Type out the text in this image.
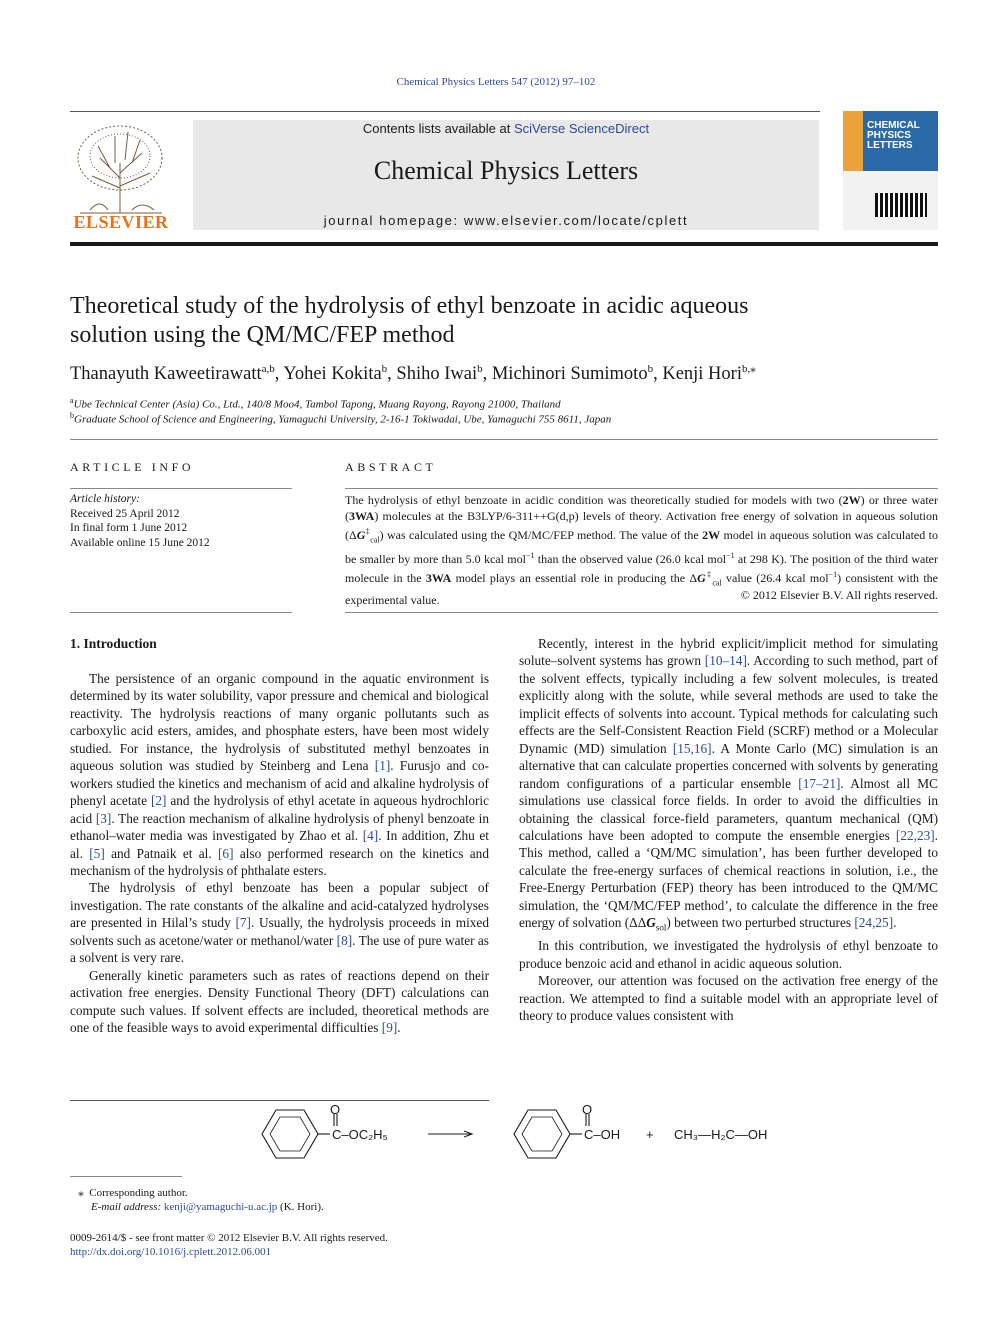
Chemical Physics Letters 547 (2012) 97–102
ELSEVIER
Contents lists available at SciVerse ScienceDirect
Chemical Physics Letters
journal homepage: www.elsevier.com/locate/cplett
CHEMICAL PHYSICS LETTERS
Theoretical study of the hydrolysis of ethyl benzoate in acidic aqueous
solution using the QM/MC/FEP method
Thanayuth Kaweetirawatt$^{a,b}$, Yohei Kokita$^b$, Shiho Iwai$^b$, Michinori Sumimoto$^b$, Kenji Hori$^{b,⁎}$
$^a$Ube Technical Center (Asia) Co., Ltd., 140/8 Moo4, Tambol Tapong, Muang Rayong, Rayong 21000, Thailand
$^b$Graduate School of Science and Engineering, Yamaguchi University, 2-16-1 Tokiwadai, Ube, Yamaguchi 755 8611, Japan
ARTICLE INFO
Article history:
Received 25 April 2012
In final form 1 June 2012
Available online 15 June 2012
ABSTRACT
The hydrolysis of ethyl benzoate in acidic condition was theoretically studied for models with two (2W) or three water (3WA) molecules at the B3LYP/6-311++G(d,p) levels of theory. Activation free energy of solvation in aqueous solution $(\Delta G^\ddagger_{cal})$ was calculated using the QM/MC/FEP method. The value of the 2W model in aqueous solution was calculated to be smaller by more than 5.0 kcal mol$^{-1}$ than the observed value (26.0 kcal mol$^{-1}$ at 298 K). The position of the third water molecule in the 3WA model plays an essential role in producing the $\Delta G^\ddagger_{cal}$ value (26.4 kcal mol$^{-1}$) consistent with the experimental value.	© 2012 Elsevier B.V. All rights reserved.
1. Introduction

The persistence of an organic compound in the aquatic environment is determined by its water solubility, vapor pressure and chemical and biological reactivity. The hydrolysis reactions of many organic pollutants such as carboxylic acid esters, amides, and phosphate esters, have been most widely studied. For instance, the hydrolysis of substituted methyl benzoates in aqueous solution was studied by Steinberg and Lena [1]. Furusjo and co-workers studied the kinetics and mechanism of acid and alkaline hydrolysis of phenyl acetate [2] and the hydrolysis of ethyl acetate in aqueous hydrochloric acid [3]. The reaction mechanism of alkaline hydrolysis of phenyl benzoate in ethanol–water media was investigated by Zhao et al. [4]. In addition, Zhu et al. [5] and Patnaik et al. [6] also performed research on the kinetics and mechanism of the hydrolysis of phthalate esters.

The hydrolysis of ethyl benzoate has been a popular subject of investigation. The rate constants of the alkaline and acid-catalyzed hydrolyses are presented in Hilal’s study [7]. Usually, the hydrolysis proceeds in mixed solvents such as acetone/water or methanol/water [8]. The use of pure water as a solvent is very rare.

Generally kinetic parameters such as rates of reactions depend on their activation free energies. Density Functional Theory (DFT) calculations can compute such values. If solvent effects are included, theoretical methods are one of the feasible ways to avoid experimental difficulties [9].

Recently, interest in the hybrid explicit/implicit method for simulating solute–solvent systems has grown [10–14]. According to such method, part of the solvent effects, typically including a few solvent molecules, is treated explicitly along with the solute, while several methods are used to take the implicit effects of solvents into account. Typical methods for calculating such effects are the Self-Consistent Reaction Field (SCRF) method or a Molecular Dynamic (MD) simulation [15,16]. A Monte Carlo (MC) simulation is an alternative that can calculate properties concerned with solvents by generating random configurations of a particular ensemble [17–21]. Almost all MC simulations use classical force fields. In order to avoid the difficulties in obtaining the classical force-field parameters, quantum mechanical (QM) calculations have been adopted to compute the ensemble energies [22,23]. This method, called a ‘QM/MC simulation’, has been further developed to calculate the free-energy surfaces of chemical reactions in solution, i.e., the Free-Energy Perturbation (FEP) theory has been introduced to the QM/MC simulation, the ‘QM/MC/FEP method’, to calculate the difference in the free energy of solvation $(\Delta\Delta G_{sol})$ between two perturbed structures [24,25].

In this contribution, we investigated the hydrolysis of ethyl benzoate to produce benzoic acid and ethanol in acidic aqueous solution.

Moreover, our attention was focused on the activation free energy of the reaction. We attempted to find a suitable model with an appropriate level of theory to produce values consistent with

O
C–OC₂H₅
O
C–OH + CH₃—H₂C—OH
⁎ Corresponding author.
E-mail address: kenji@yamaguchi-u.ac.jp (K. Hori).
0009-2614/$ - see front matter © 2012 Elsevier B.V. All rights reserved.
http://dx.doi.org/10.1016/j.cplett.2012.06.001
